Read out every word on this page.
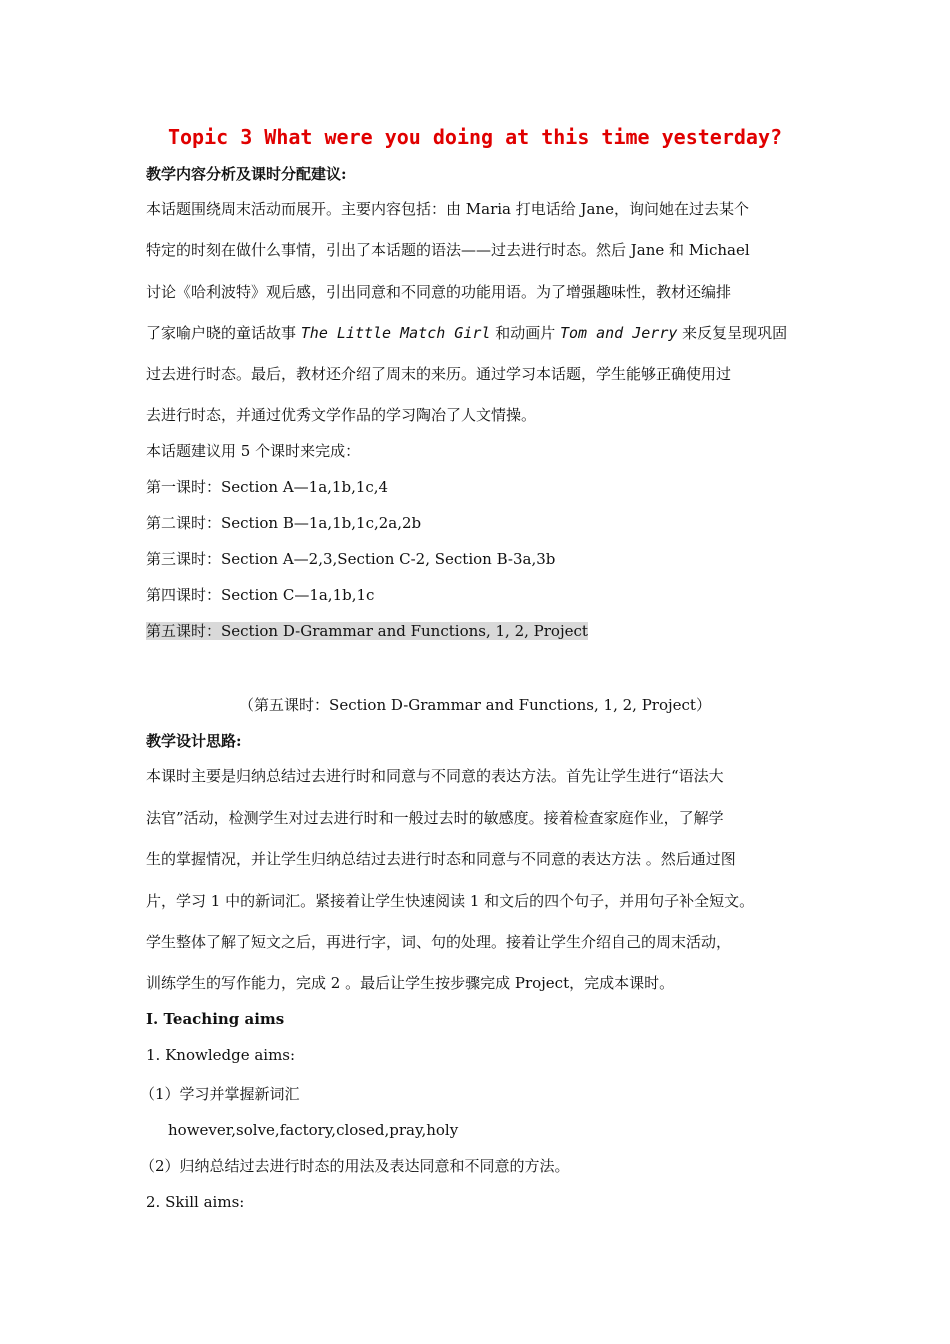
Topic 3 What were you doing at this time yesterday?
教学内容分析及课时分配建议:
本话题围绕周末活动而展开。主要内容包括：由 Maria 打电话给 Jane，询问她在过去某个
特定的时刻在做什么事情，引出了本话题的语法——过去进行时态。然后 Jane 和 Michael
讨论《哈利波特》观后感，引出同意和不同意的功能用语。为了增强趣味性，教材还编排
了家喻户晓的童话故事 The Little Match Girl 和动画片 Tom and Jerry 来反复呈现巩固
过去进行时态。最后，教材还介绍了周末的来历。通过学习本话题，学生能够正确使用过
去进行时态，并通过优秀文学作品的学习陶冶了人文情操。
本话题建议用 5 个课时来完成：
第一课时：Section A—1a,1b,1c,4
第二课时：Section B—1a,1b,1c,2a,2b
第三课时：Section A—2,3,Section C-2, Section B-3a,3b
第四课时：Section C—1a,1b,1c
第五课时：Section D-Grammar and Functions, 1, 2, Project
（第五课时：Section D-Grammar and Functions, 1, 2, Project）
教学设计思路:
本课时主要是归纳总结过去进行时和同意与不同意的表达方法。首先让学生进行“语法大
法官”活动，检测学生对过去进行时和一般过去时的敏感度。接着检查家庭作业，了解学
生的掌握情况，并让学生归纳总结过去进行时态和同意与不同意的表达方法 。然后通过图
片，学习 1 中的新词汇。紧接着让学生快速阅读 1 和文后的四个句子，并用句子补全短文。
学生整体了解了短文之后，再进行字，词、句的处理。接着让学生介绍自己的周末活动，
训练学生的写作能力，完成 2 。最后让学生按步骤完成 Project，完成本课时。
Ⅰ. Teaching aims
1. Knowledge aims:
（1）学习并掌握新词汇
however,solve,factory,closed,pray,holy
（2）归纳总结过去进行时态的用法及表达同意和不同意的方法。
2. Skill aims:
